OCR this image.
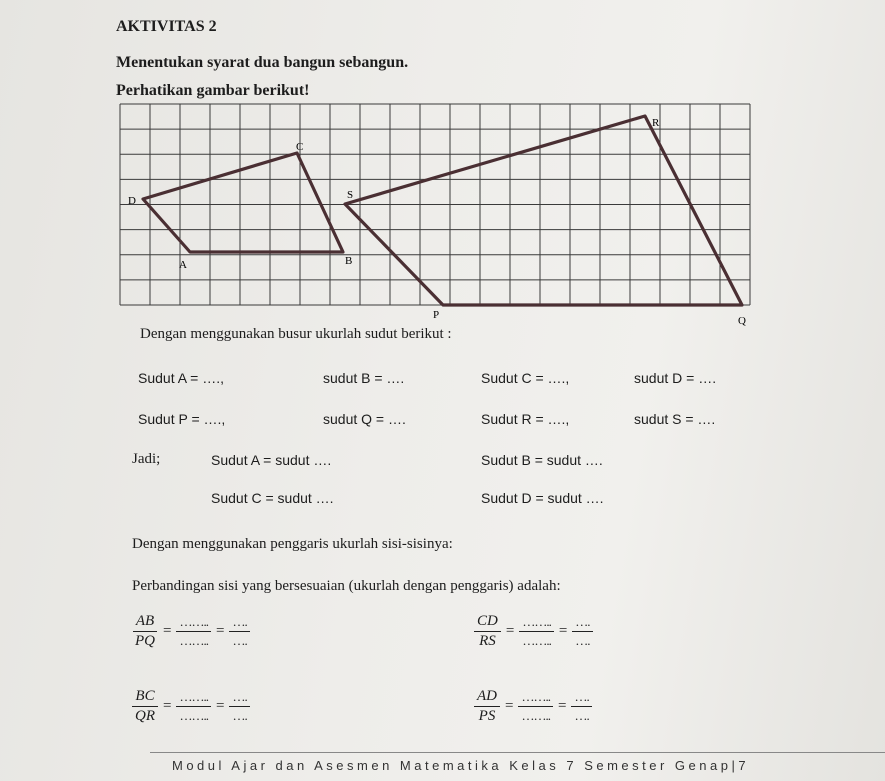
AKTIVITAS 2
Menentukan syarat dua bangun sebangun.
Perhatikan gambar berikut!
A	B
C
D
P	Q
R
S
Dengan menggunakan busur ukurlah sudut berikut :
Sudut A = ….,	sudut B = ….	Sudut C = ….,	sudut D = ….
Sudut P = ….,	sudut Q = ….	Sudut R = ….,	sudut S = ….
Jadi;	Sudut A = sudut ….	Sudut B = sudut ….
Sudut C = sudut ….	Sudut D = sudut ….
Dengan menggunakan penggaris ukurlah sisi-sisinya:
Perbandingan sisi yang bersesuaian (ukurlah dengan penggaris) adalah:
$\frac{AB}{PQ} = \frac{\dots\dots..}{\dots\dots..} = \frac{\dots.}{\dots.}$	$\frac{CD}{RS} = \frac{\dots\dots..}{\dots\dots..} = \frac{\dots.}{\dots.}$
$\frac{BC}{QR} = \frac{\dots\dots..}{\dots\dots..} = \frac{\dots.}{\dots.}$	$\frac{AD}{PS} = \frac{\dots\dots..}{\dots\dots..} = \frac{\dots.}{\dots.}$
Modul Ajar dan Asesmen Matematika Kelas 7 Semester Genap|7
